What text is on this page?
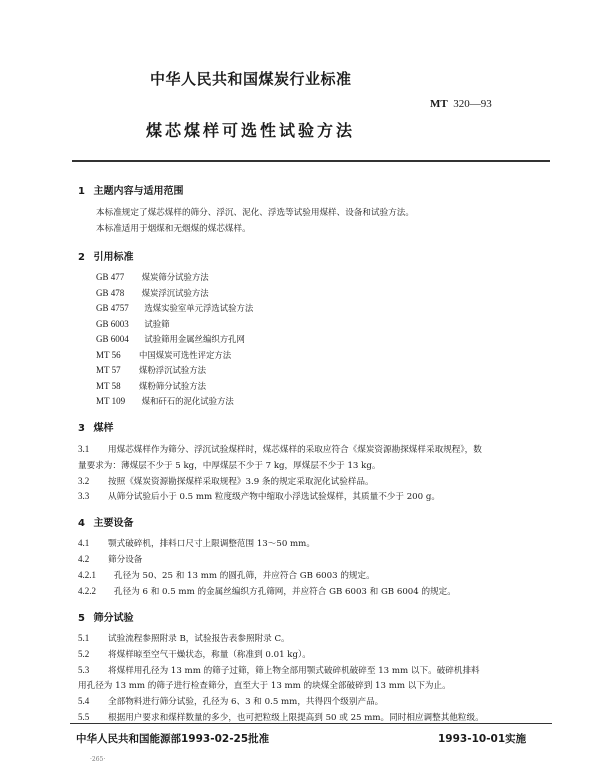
中华人民共和国煤炭行业标准
MT 320—93
煤芯煤样可选性试验方法
1 主题内容与适用范围
本标准规定了煤芯煤样的筛分、浮沉、泥化、浮选等试验用煤样、设备和试验方法。
本标准适用于烟煤和无烟煤的煤芯煤样。
2 引用标准
GB 477 煤炭筛分试验方法
GB 478 煤炭浮沉试验方法
GB 4757 选煤实验室单元浮选试验方法
GB 6003 试验筛
GB 6004 试验筛用金属丝编织方孔网
MT 56 中国煤炭可选性评定方法
MT 57 煤粉浮沉试验方法
MT 58 煤粉筛分试验方法
MT 109 煤和矸石的泥化试验方法
3 煤样
3.1 用煤芯煤样作为筛分、浮沉试验煤样时，煤芯煤样的采取应符合《煤炭资源勘探煤样采取规程》，数
量要求为：薄煤层不少于 5 kg，中厚煤层不少于 7 kg，厚煤层不少于 13 kg。
3.2 按照《煤炭资源勘探煤样采取规程》3.9 条的规定采取泥化试验样品。
3.3 从筛分试验后小于 0.5 mm 粒度级产物中缩取小浮选试验煤样，其质量不少于 200 g。
4 主要设备
4.1 颚式破碎机，排料口尺寸上限调整范围 13～50 mm。
4.2 筛分设备
4.2.1 孔径为 50、25 和 13 mm 的圆孔筛，并应符合 GB 6003 的规定。
4.2.2 孔径为 6 和 0.5 mm 的金属丝编织方孔筛网，并应符合 GB 6003 和 GB 6004 的规定。
5 筛分试验
5.1 试验流程参照附录 B，试验报告表参照附录 C。
5.2 将煤样晾至空气干燥状态，称量（称准到 0.01 kg）。
5.3 将煤样用孔径为 13 mm 的筛子过筛，筛上物全部用颚式破碎机破碎至 13 mm 以下。破碎机排料
用孔径为 13 mm 的筛子进行检查筛分，直至大于 13 mm 的块煤全部破碎到 13 mm 以下为止。
5.4 全部物料进行筛分试验，孔径为 6、3 和 0.5 mm，共得四个级别产品。
5.5 根据用户要求和煤样数量的多少，也可把粒级上限提高到 50 或 25 mm。同时相应调整其他粒级。
中华人民共和国能源部1993-02-25批准	1993-10-01实施
·265·
